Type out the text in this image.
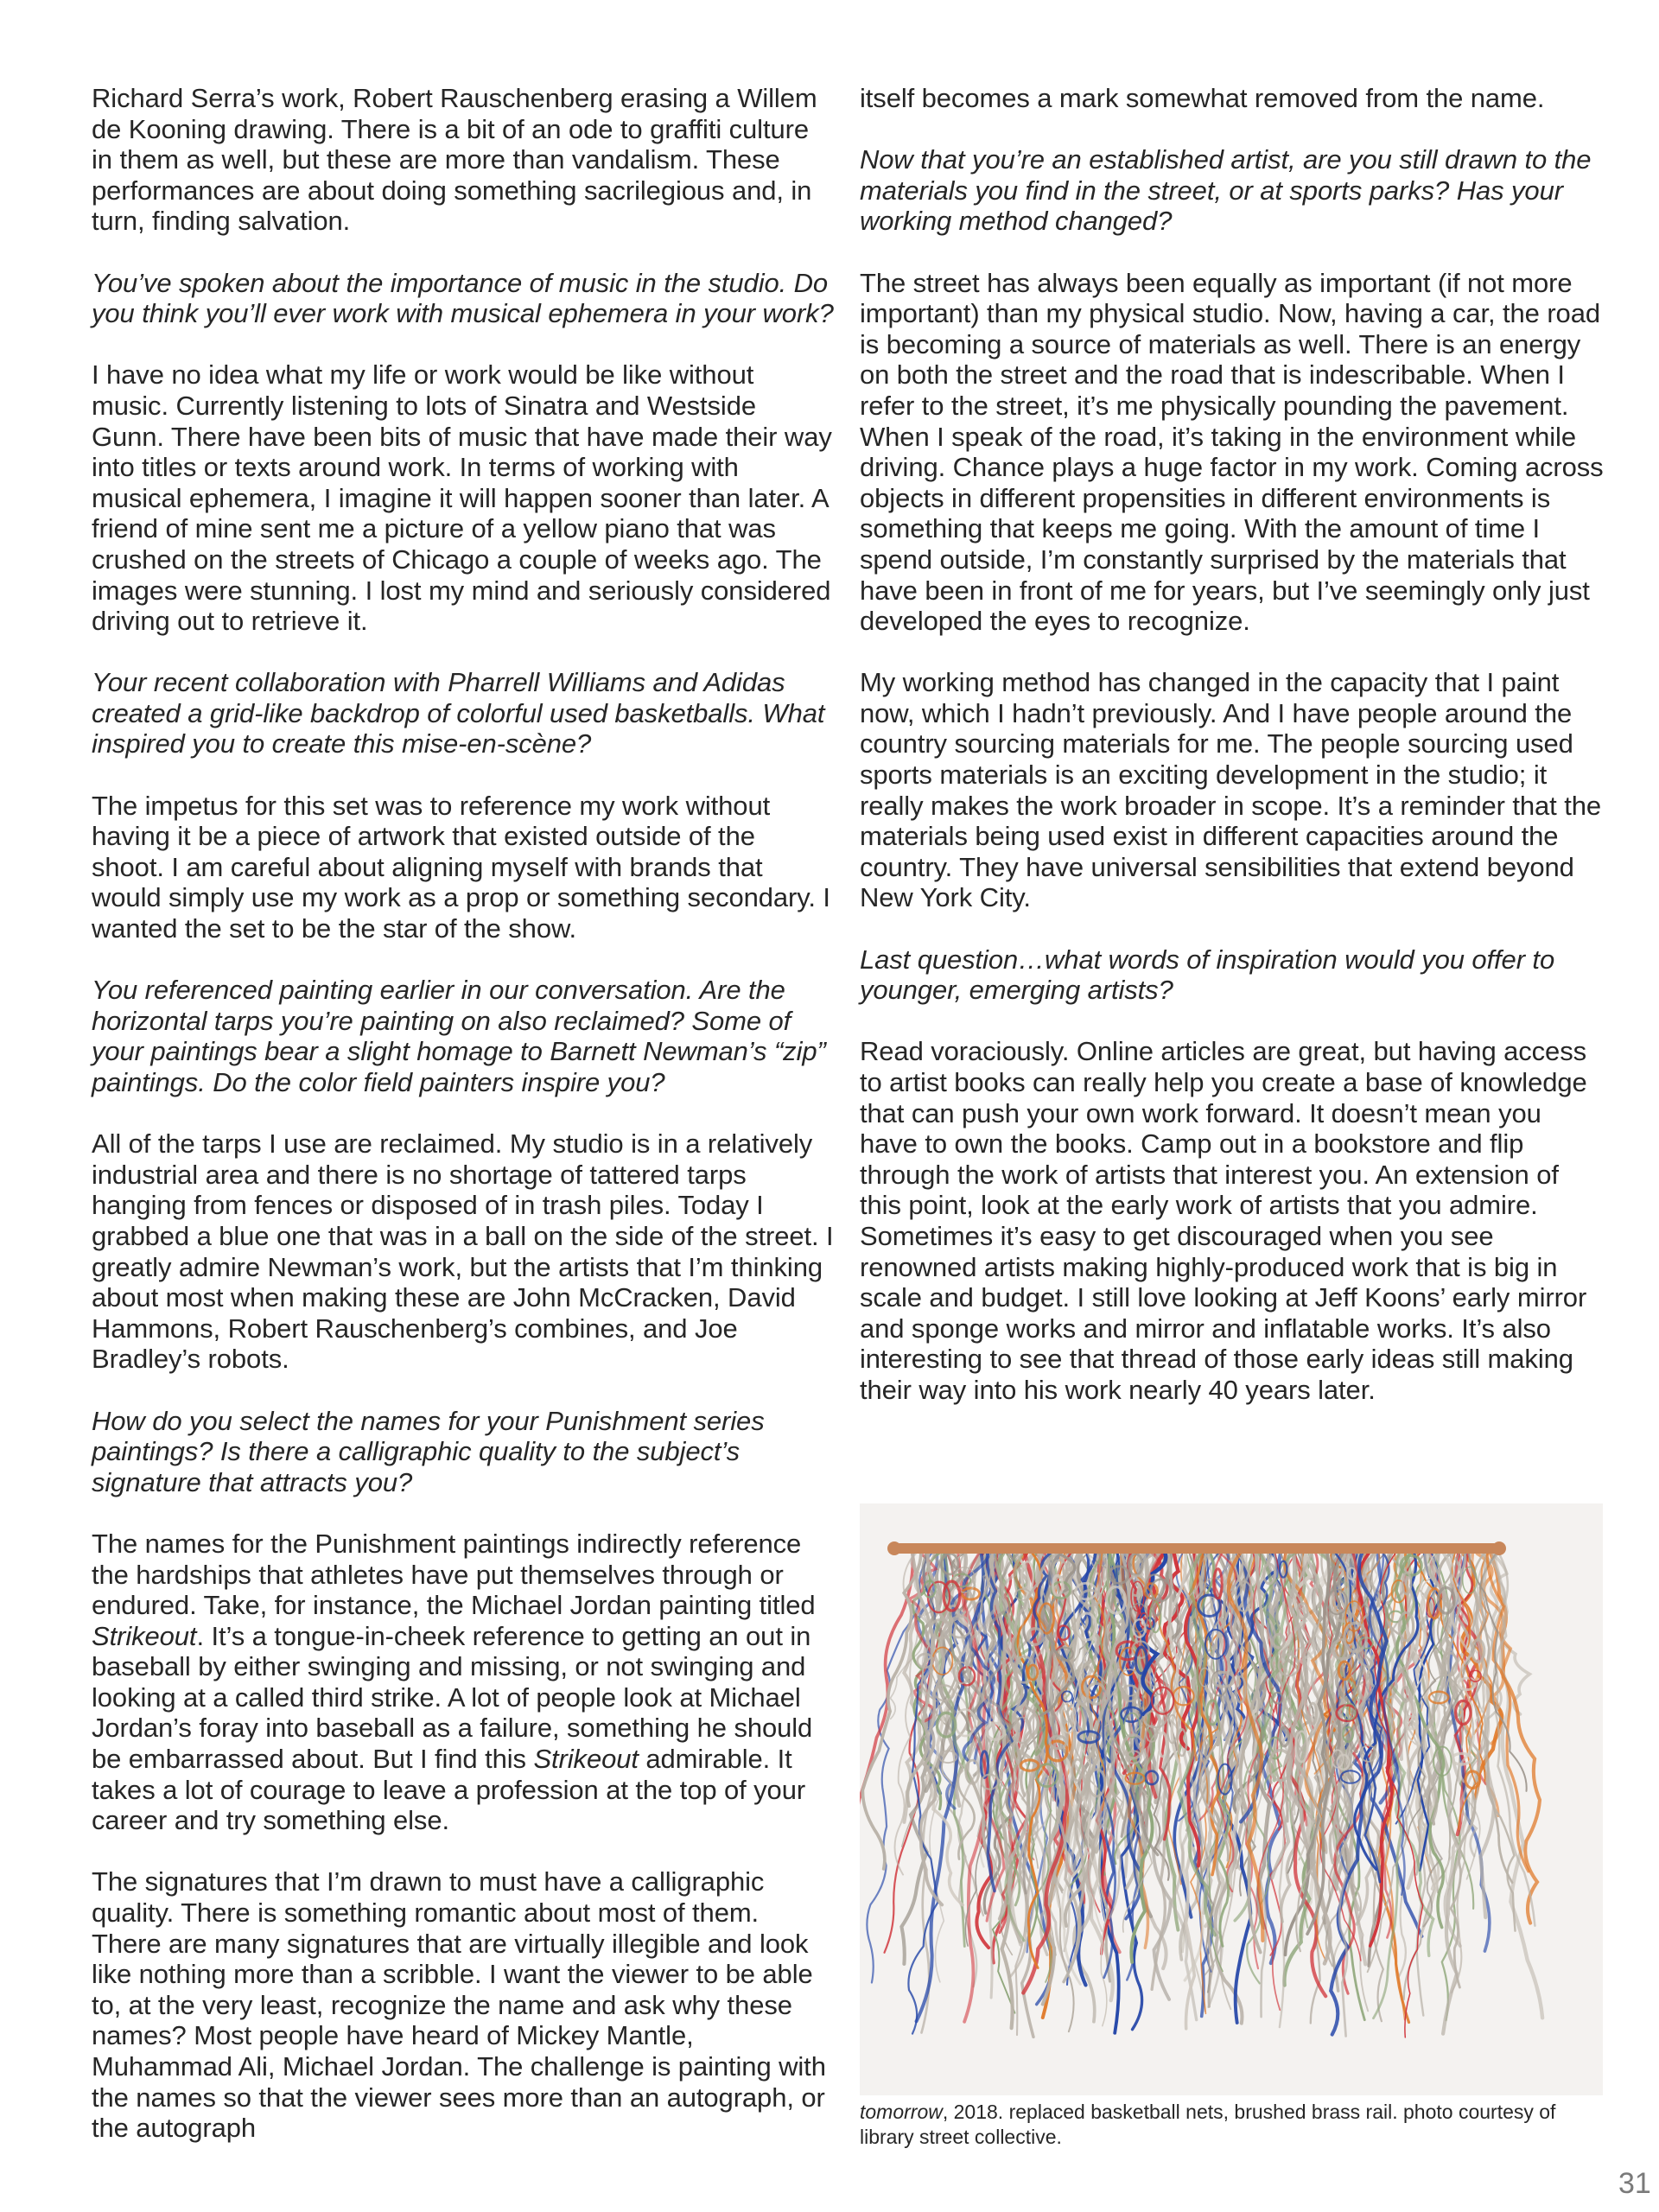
Richard Serra’s work, Robert Rauschenberg erasing a Willem de Kooning drawing. There is a bit of an ode to graffiti culture in them as well, but these are more than vandalism. These performances are about doing something sacrilegious and, in turn, finding salvation.

You’ve spoken about the importance of music in the studio. Do you think you’ll ever work with musical ephemera in your work?

I have no idea what my life or work would be like without music. Currently listening to lots of Sinatra and Westside Gunn. There have been bits of music that have made their way into titles or texts around work. In terms of working with musical ephemera, I imagine it will happen sooner than later. A friend of mine sent me a picture of a yellow piano that was crushed on the streets of Chicago a couple of weeks ago. The images were stunning. I lost my mind and seriously considered driving out to retrieve it.

Your recent collaboration with Pharrell Williams and Adidas created a grid-like backdrop of colorful used basketballs. What inspired you to create this mise-en-scène?

The impetus for this set was to reference my work without having it be a piece of artwork that existed outside of the shoot. I am careful about aligning myself with brands that would simply use my work as a prop or something secondary. I wanted the set to be the star of the show.

You referenced painting earlier in our conversation. Are the horizontal tarps you’re painting on also reclaimed? Some of your paintings bear a slight homage to Barnett Newman’s “zip” paintings. Do the color field painters inspire you?

All of the tarps I use are reclaimed. My studio is in a relatively industrial area and there is no shortage of tattered tarps hanging from fences or disposed of in trash piles. Today I grabbed a blue one that was in a ball on the side of the street. I greatly admire Newman’s work, but the artists that I’m thinking about most when making these are John McCracken, David Hammons, Robert Rauschenberg’s combines, and Joe Bradley’s robots.

How do you select the names for your Punishment series paintings? Is there a calligraphic quality to the subject’s signature that attracts you?

The names for the Punishment paintings indirectly reference the hardships that athletes have put themselves through or endured. Take, for instance, the Michael Jordan painting titled Strikeout. It’s a tongue-in-cheek reference to getting an out in baseball by either swinging and missing, or not swinging and looking at a called third strike. A lot of people look at Michael Jordan’s foray into baseball as a failure, something he should be embarrassed about. But I find this Strikeout admirable. It takes a lot of courage to leave a profession at the top of your career and try something else.

The signatures that I’m drawn to must have a calligraphic quality. There is something romantic about most of them. There are many signatures that are virtually illegible and look like nothing more than a scribble. I want the viewer to be able to, at the very least, recognize the name and ask why these names? Most people have heard of Mickey Mantle, Muhammad Ali, Michael Jordan. The challenge is painting with the names so that the viewer sees more than an autograph, or the autograph

itself becomes a mark somewhat removed from the name.

Now that you’re an established artist, are you still drawn to the materials you find in the street, or at sports parks? Has your working method changed?

The street has always been equally as important (if not more important) than my physical studio. Now, having a car, the road is becoming a source of materials as well. There is an energy on both the street and the road that is indescribable. When I refer to the street, it’s me physically pounding the pavement. When I speak of the road, it’s taking in the environment while driving. Chance plays a huge factor in my work. Coming across objects in different propensities in different environments is something that keeps me going. With the amount of time I spend outside, I’m constantly surprised by the materials that have been in front of me for years, but I’ve seemingly only just developed the eyes to recognize.

My working method has changed in the capacity that I paint now, which I hadn’t previously. And I have people around the country sourcing materials for me. The people sourcing used sports materials is an exciting development in the studio; it really makes the work broader in scope. It’s a reminder that the materials being used exist in different capacities around the country. They have universal sensibilities that extend beyond New York City.

Last question…what words of inspiration would you offer to younger, emerging artists?

Read voraciously. Online articles are great, but having access to artist books can really help you create a base of knowledge that can push your own work forward. It doesn’t mean you have to own the books. Camp out in a bookstore and flip through the work of artists that interest you. An extension of this point, look at the early work of artists that you admire. Sometimes it’s easy to get discouraged when you see renowned artists making highly-produced work that is big in scale and budget. I still love looking at Jeff Koons’ early mirror and sponge works and mirror and inflatable works. It’s also interesting to see that thread of those early ideas still making their way into his work nearly 40 years later.

tomorrow, 2018. replaced basketball nets, brushed brass rail. photo courtesy of library street collective.
31
